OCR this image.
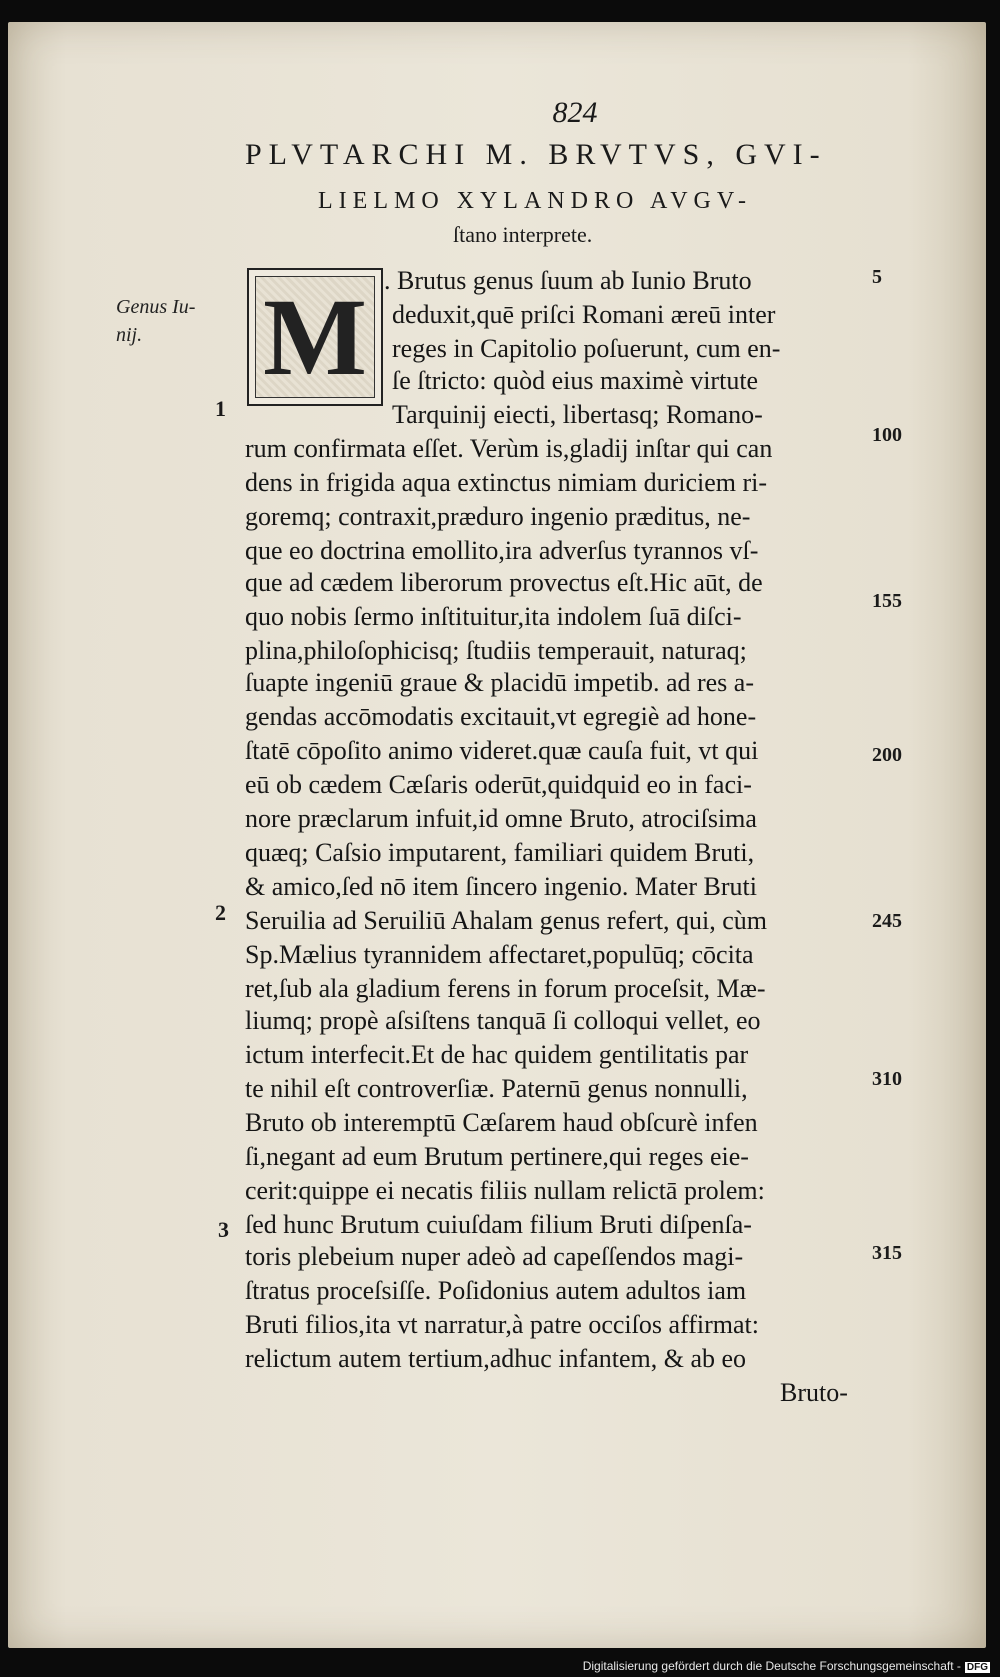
824
PLVTARCHI M. BRVTVS, GVI-
LIELMO XYLANDRO AVGV-
ſtano interprete.
M
Genus Iu-
nij.
1
2
3
5
100
155
200
245
310
315
. Brutus genus ſuum ab Iunio Bruto
deduxit,quē priſci Romani æreū inter
reges in Capitolio poſuerunt, cum en-
ſe ſtricto: quòd eius maximè virtute
Tarquinij eiecti, libertasq; Romano-
rum confirmata eſſet. Verùm is,gladij inſtar qui can
dens in frigida aqua extinctus nimiam duriciem ri-
goremq; contraxit,præduro ingenio præditus, ne-
que eo doctrina emollito,ira adverſus tyrannos vſ-
que ad cædem liberorum provectus eſt.Hic aūt, de
quo nobis ſermo inſtituitur,ita indolem ſuā diſci-
plina,philoſophicisq; ſtudiis temperauit, naturaq;
ſuapte ingeniū graue & placidū impetib. ad res a-
gendas accōmodatis excitauit,vt egregiè ad hone-
ſtatē cōpoſito animo videret.quæ cauſa fuit, vt qui
eū ob cædem Cæſaris oderūt,quidquid eo in faci-
nore præclarum infuit,id omne Bruto, atrociſsima
quæq; Caſsio imputarent, familiari quidem Bruti,
& amico,ſed nō item ſincero ingenio. Mater Bruti
Seruilia ad Seruiliū Ahalam genus refert, qui, cùm
Sp.Mælius tyrannidem affectaret,populūq; cōcita
ret,ſub ala gladium ferens in forum proceſsit, Mæ-
liumq; propè aſsiſtens tanquā ſi colloqui vellet, eo
ictum interfecit.Et de hac quidem gentilitatis par
te nihil eſt controverſiæ. Paternū genus nonnulli,
Bruto ob interemptū Cæſarem haud obſcurè infen
ſi,negant ad eum Brutum pertinere,qui reges eie-
cerit:quippe ei necatis filiis nullam relictā prolem:
ſed hunc Brutum cuiuſdam filium Bruti diſpenſa-
toris plebeium nuper adeò ad capeſſendos magi-
ſtratus proceſsiſſe. Poſidonius autem adultos iam
Bruti filios,ita vt narratur,à patre occiſos affirmat:
relictum autem tertium,adhuc infantem, & ab eo
Bruto-
Digitalisierung gefördert durch die Deutsche Forschungsgemeinschaft - DFG
